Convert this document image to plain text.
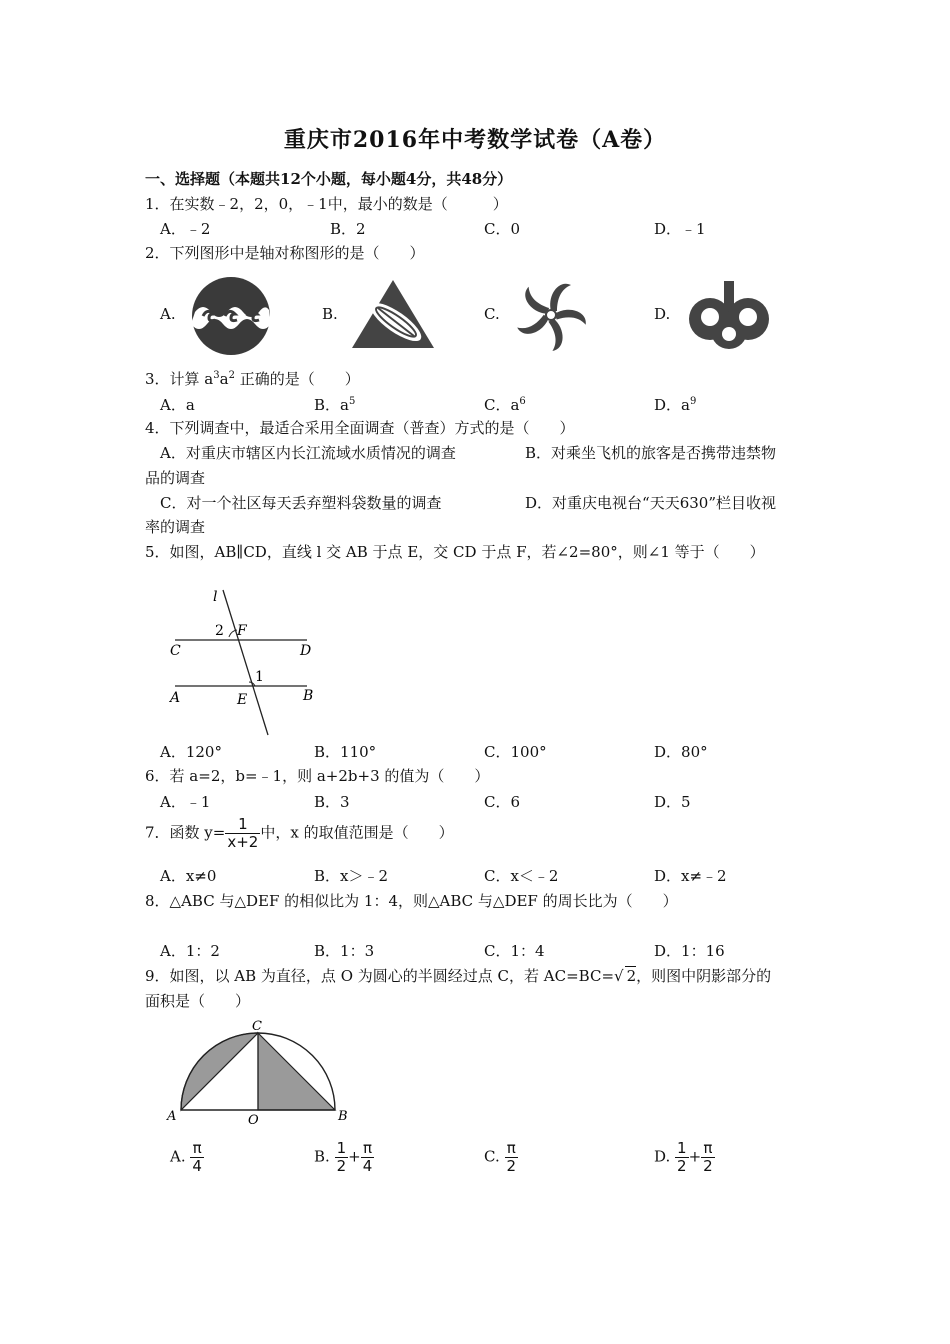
重庆市2016年中考数学试卷（A卷）
一、选择题（本题共12个小题，每小题4分，共48分）
1．在实数﹣2，2，0，﹣1中，最小的数是（　　　）
A．﹣2	B．2	C．0	D．﹣1
2．下列图形中是轴对称图形的是（　　）
A.	B.	C.	D.
3．计算 $a^3a^2$ 正确的是（　　）
A．a	B．$a^5$	C．$a^6$	D．$a^9$
4．下列调查中，最适合采用全面调查（普查）方式的是（　　）
A．对重庆市辖区内长江流域水质情况的调查	B．对乘坐飞机的旅客是否携带违禁物
品的调查
C．对一个社区每天丢弃塑料袋数量的调查	D．对重庆电视台“天天630”栏目收视
率的调查
5．如图，AB∥CD，直线 l 交 AB 于点 E，交 CD 于点 F，若∠2=80°，则∠1 等于（　　）
l
2 F
C	D
1
A	E	B
A．120°	B．110°	C．100°	D．80°
6．若 a=2，b=﹣1，则 a+2b+3 的值为（　　）
A．﹣1	B．3	C．6	D．5
7．函数 $y= \frac{1}{x+2}$ 中，x 的取值范围是（　　）
A．x≠0	B．x＞﹣2	C．x＜﹣2	D．x≠﹣2
8．△ABC 与△DEF 的相似比为 1：4，则△ABC 与△DEF 的周长比为（　　）
A．1：2	B．1：3	C．1：4	D．1：16
9．如图，以 AB 为直径，点 O 为圆心的半圆经过点 C，若 AC=BC=√ 2，则图中阴影部分的
面积是（　　）
C
A	O	B
A. $\frac{\pi}{4}$	B. $\frac{1}{2} + \frac{\pi}{4}$	C. $\frac{\pi}{2}$	D. $\frac{1}{2} + \frac{\pi}{2}$
